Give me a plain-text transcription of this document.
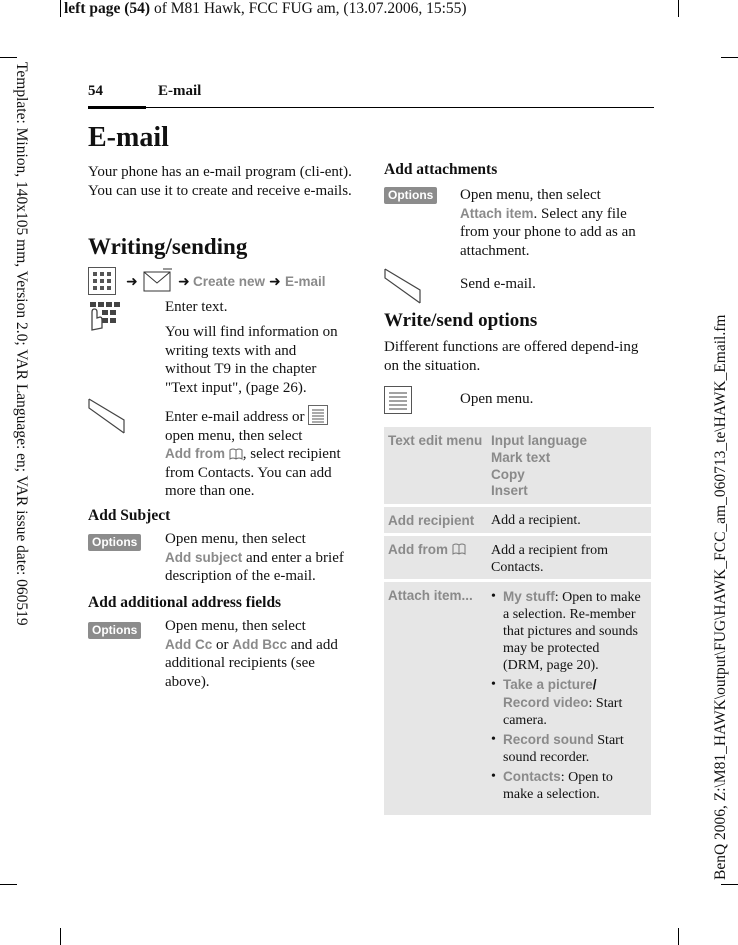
left page (54) of M81 Hawk, FCC FUG am, (13.07.2006, 15:55)
Template: Minion, 140x105 mm, Version 2.0; VAR Language: en; VAR issue date: 060519	BenQ 2006, Z:\M81_HAWK\output\FUG\HAWK_FCC_am_060713_te\HAWK_Email.fm
54	E-mail
E-mail
Your phone has an e-mail program (cli-ent). You can use it to create and receive e-mails.
Writing/sending
➜	➜ Create new ➜ E-mail
Enter text.
You will find information on writing texts with and without T9 in the chapter "Text input", (page 26).
Enter e-mail address or
open menu, then select
Add from , select recipient from Contacts. You can add more than one.
Add Subject
Options Open menu, then select
Add subject and enter a brief description of the e-mail.
Add additional address fields
Options Open menu, then select
Add Cc or Add Bcc and add additional recipients (see above).
Add attachments
Options Open menu, then select
Attach item. Select any file from your phone to add as an attachment.
Send e-mail.
Write/send options
Different functions are offered depend-ing on the situation.
Open menu.
Text edit menu Input language
Mark text
Copy
Insert
Add recipient	Add a recipient.
Add from	Add a recipient from Contacts.
Attach item...
•	My stuff: Open to make a selection. Re-member that pictures and sounds may be protected (DRM, page 20).
• Take a picture/
Record video: Start camera.
• Record sound Start sound recorder.
• Contacts: Open to make a selection.
